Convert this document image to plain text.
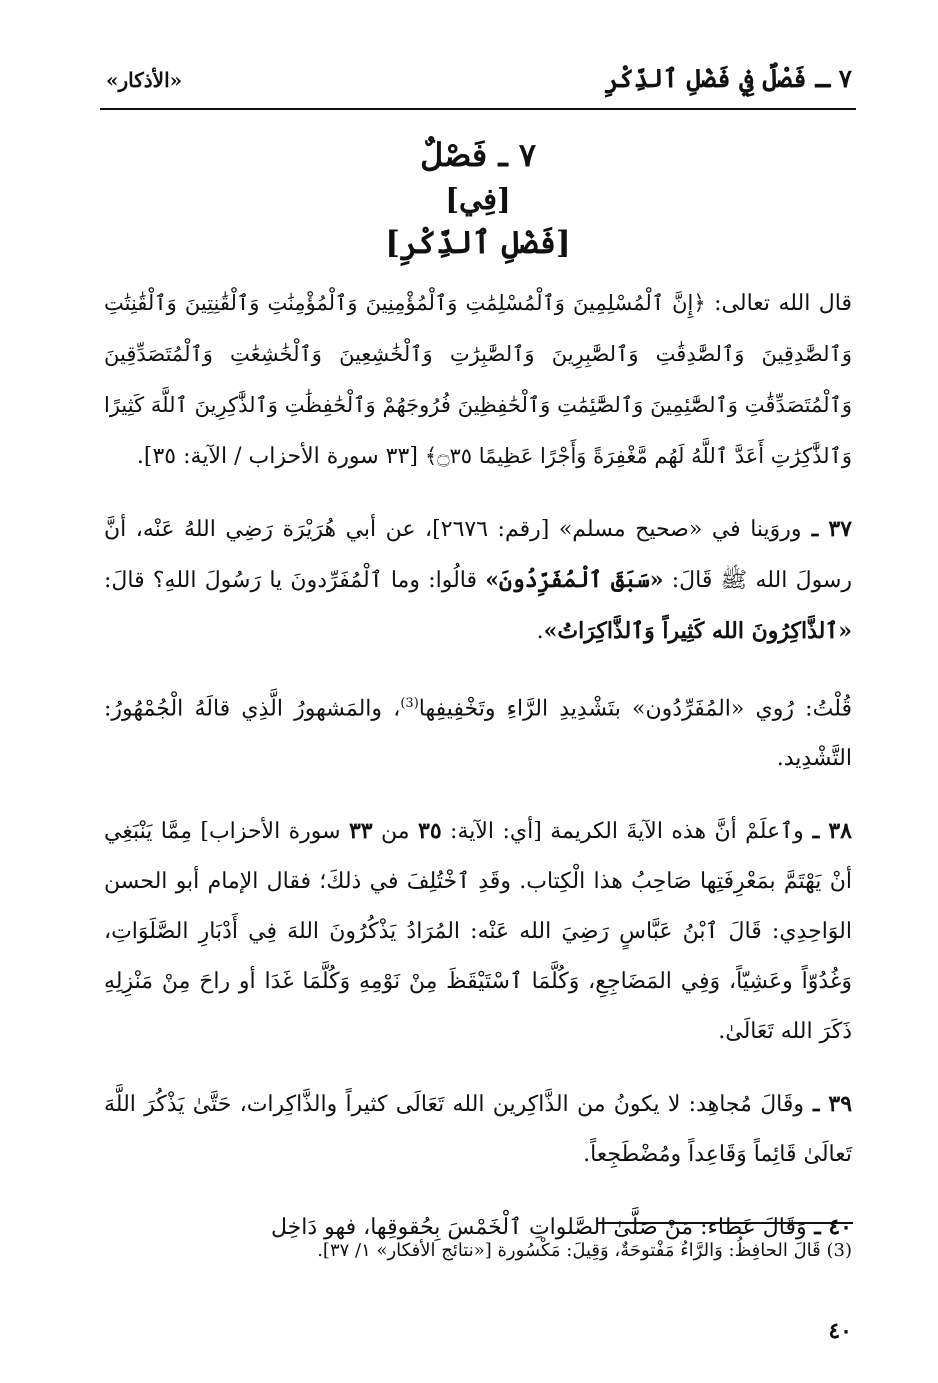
٧ ـ فَصْلٌ فِي فَضْلِ ٱلذِّكْرِ
«الأذكار»
٧ ـ فَصْلٌ
[فِي]
[فَضْلِ ٱلذِّكْرِ]

قال الله تعالى: ﴿إِنَّ ٱلْمُسْلِمِينَ وَٱلْمُسْلِمَٰتِ وَٱلْمُؤْمِنِينَ وَٱلْمُؤْمِنَٰتِ وَٱلْقَٰنِتِينَ وَٱلْقَٰنِتَٰتِ وَٱلصَّٰدِقِينَ وَٱلصَّٰدِقَٰتِ وَٱلصَّٰبِرِينَ وَٱلصَّٰبِرَٰتِ وَٱلْخَٰشِعِينَ وَٱلْخَٰشِعَٰتِ وَٱلْمُتَصَدِّقِينَ وَٱلْمُتَصَدِّقَٰتِ وَٱلصَّٰٓئِمِينَ وَٱلصَّٰٓئِمَٰتِ وَٱلْحَٰفِظِينَ فُرُوجَهُمْ وَٱلْحَٰفِظَٰتِ وَٱلذَّٰكِرِينَ ٱللَّهَ كَثِيرًا وَٱلذَّٰكِرَٰتِ أَعَدَّ ٱللَّهُ لَهُم مَّغْفِرَةً وَأَجْرًا عَظِيمًا ۝٣٥﴾ [٣٣ سورة الأحزاب / الآية: ٣٥].

٣٧ ـ وروَينا في «صحيح مسلم» [رقم: ٢٦٧٦]، عن أبي هُرَيْرَة رَضِي اللهُ عَنْه، أنَّ رسولَ الله ﷺ قَالَ: «سَبَقَ ٱلْمُفَرِّدُونَ» قالُوا: وما ٱلْمُفَرِّدونَ يا رَسُولَ اللهِ؟ قالَ: «ٱلذَّاكِرُونَ الله كَثِيراً وَٱلذَّاكِرَاتُ».

قُلْتُ: رُوي «المُفَرِّدُون» بتَشْدِيدِ الرَّاءِ وتَخْفِيفِها$^{(3)}$، والمَشهورُ الَّذِي قالَهُ الْجُمْهُورُ: التَّشْدِيد.

٣٨ ـ وٱعلَمْ أنَّ هذه الآيةَ الكريمة [أي: الآية: ٣٥ من ٣٣ سورة الأحزاب] مِمَّا يَنْبَغِي أنْ يَهْتَمَّ بمَعْرِفَتِها صَاحِبُ هذا الْكِتاب. وقَدِ ٱخْتُلِفَ في ذلكَ؛ فقال الإمام أبو الحسن الوَاحِدِي: قَالَ ٱبْنُ عَبَّاسٍ رَضِيَ الله عَنْه: المُرَادُ يَذْكُرُونَ اللهَ فِي أَدْبَارِ الصَّلَوَاتِ، وَغُدُوّاً وعَشِيّاً، وَفِي المَضَاجِعِ، وَكُلَّمَا ٱسْتَيْقَظَ مِنْ نَوْمِهِ وَكُلَّمَا غَدَا أو راحَ مِنْ مَنْزِلِهِ ذَكَرَ الله تَعَالَىٰ.

٣٩ ـ وقَالَ مُجاهِد: لا يكونُ من الذَّاكِرين الله تَعَالَى كثيراً والذَّاكِرات، حَتَّىٰ يَذْكُرَ اللَّهَ تَعالَىٰ قَائِماً وَقَاعِداً ومُضْطَجِعاً.

٤٠ ـ وَقَالَ عَطاء: مَنْ صَلَّىٰ الصَّلواتِ ٱلْخَمْسَ بِحُقوقِها، فهو دَاخِل

(3) قَالَ الحافِظُ: وَالرَّاءُ مَفْتوحَةٌ، وَقِيلَ: مَكْسُورة [«نتائج الأفكار» ١/ ٣٧].
٤٠
